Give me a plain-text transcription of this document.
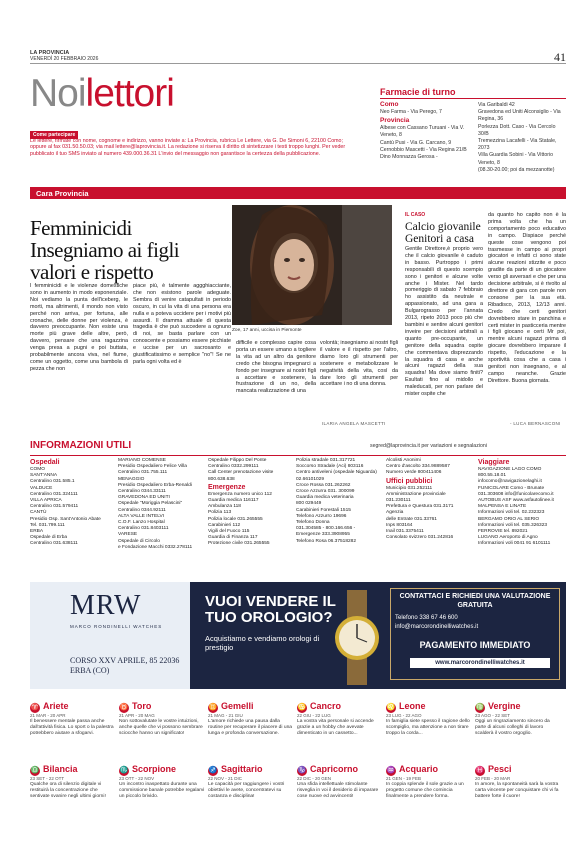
LA PROVINCIA
VENERDÌ 20 FEBBRAIO 2026	41
Noilettori
Come partecipare
Le lettere, firmate con nome, cognome e indirizzo, vanno inviate a: La Provincia, rubrica Le Lettere, via G. De Simoni 6, 22100 Como; oppure al fax 031.50.50.03; via mail lettere@laprovincia.it. La redazione si riserva il diritto di sintetizzare i testi troppo lunghi. Per veder pubblicato il tuo SMS inviato al numero 439.000.36.31 L'invio del messaggio non garantisce la certezza della pubblicazione.
Farmacie di turno
Como
Neo Farma - Via Perego, 7
Provincia
Albese con Cassano Turuani - Via V. Veneto, 8
Cantù Pusi - Via G. Carcano, 9
Cernobbio Mascetti - Via Regina 21/B
Dino Monnazza Gerosa -
Via Garibaldi 42
Gravedona ed Uniti Alconsiglio - Via Regina, 36
Porlezza Dott. Caso - Via Cercolo 30/B
Tremezzina Lacafelli - Via Statale, 2073
Villa Guardia Sobini - Via Vittorio Veneto, 8
(08.30-20.00; poi da mezzanotte)
Cara Provincia
Femminicidi Insegniamo ai figli valori e rispetto
Zoe, 17 anni, uccisa in Piemonte
I femminicidi e le violenze domestiche sono in aumento in modo esponenziale. Noi vediamo la punta dell'iceberg, le morti, ma altrimenti, il mondo non visto perché non arriva, per fortuna, alle cronache, delle donne per violenza, è davvero preoccupante. Non esiste una morte più grave delle altre, però, davvero, pensare che una ragazzina venga presa a pugni e poi buttata, probabilmente ancora viva, nel fiume, come un oggetto, come una bambola di pezza che non
piace più, è talmente aggghiacciante, che non esistono parole adeguate. Sembra di venire catapultati in periodo oscuro, in cui la vita di una persona era nulla e a poteva uccidere per i motivi più assurdi. Il dramma attuale di questa tragedia è che può succedere a ognuno di noi, se basta parlare con un conoscente e possiamo essere picchiate e uccise per un sacrosanto e giustificatissimo e semplice "no"! Se ne parla ogni volta ed è
difficile e complesso capire cosa porta un essere umano a togliere la vita ad un altro da genitore credo che bisogna impegnarci a fondo per insegnare ai nostri figli a accettare e sostenere, la frustrazione di un no, della mancata realizzazione di una
volontà; insegniamo ai nostri figli il valore e il rispetto per l'altro, diamo loro gli strumenti per sostenere e metabolizzare le negatività della vita, così da dare loro gli strumenti per accettare i no di una donna.
ILARIA ANGELA MASCETTI
IL CASO
Calcio giovanile Genitori a casa
Gentile Direttore,è proprio vero che il calcio giovanile è caduto in basso. Purtroppo i primi responsabili di questo scempio sono i genitori e alcune volte anche i Mister. Nel tardo pomeriggio di sabato 7 febbraio ho assistito da neutrale e appassionato, ad una gara a Bulgarograsso per l'annata 2013, ripeto 2013 poco più che bambini e sentire alcuni genitori inveire per decisioni arbitrali a quanto pre-occupante, un genitore della squadra ospite che commentava disprezzando la squadra di casa e anche alcuni ragazzi della sua squadra! Ma dove siamo finiti? Esultati fino al midollo e maleducati, per non parlare del mister ospite che
da quanto ho capito non è la prima volta che ha un comportamento poco educativo in campo. Dispiace perché queste cose vengono poi trasmesse in campo ai propri giocatori e infatti ci sono state alcune reazioni stizzite e poco gradite da parte di un giocatore verso gli avversari e che per una decisione arbitrale, si è rivolto al direttore di gara con parole non consone per la sua età. Ribadisco, 2013, 12/13 anni. Credo che certi genitori dovrebbero stare in panchina e certi mister in pasticceria mentre i figli giocano e certi Mr poi, mentre alcuni ragazzi prima di giocare dovrebbero imparare il rispetto, l'educazione e la sportività cosa che a casa i genitori non insegnano, e al campo neanche. Grazie Direttore. Buona giornata.
- LUCA BERNASCONI
INFORMAZIONI UTILI	segred@laprovincia.it per variazioni e segnalazioni
Ospedali
COMO
SANT'ANNA
Centralino 031.585.1
VALDUCE
Centralino 031.324111
VILLA APRICA
Centralino 031.579411
CANTÙ
Presidio Osp. Sant'Antonio Abate
Tel. 031.799.111
ERBA
Ospedale di Erba
Centralino 031.638111
MARIANO COMENSE
Presidio Ospedaliero Felice Villa
Centralino 031.755.111
MENAGGIO
Presidio Ospedaliero Erba-Renaldi
Centralino 0344.33111
GRAVEDONA ED UNITI
Ospedale "Moriggia Pelascini"
Centralino 0344.92111
ALTA VALLE INTELVI
C.O.F. Lanzo Hospital
Centralino 031.8403111
VARESE
Ospedale di Circolo
e Fondazione Macchi 0332.278111
Ospedale Filippo Del Ponte
Centralino 0332.299111
Call Center prenotazione visite
800.638.638
Emergenze
Emergenza numero unico 112
Guardia medica 116117
Ambulanza 118
Polizia 113
Polizia locale 031.265555
Carabinieri 112
Vigili del Fuoco 115
Guardia di Finanza 117
Protezione civile 031.265555
Polizia stradale 031.317721
Soccorso Stradale (Aci) 803116
Centro antiveleni (ospedale Niguarda) 02.66101029
Croce Rossa 031.262262
Croce Azzurra 031. 300099
Guardia medica veterinaria
800 029449
Carabinieri Forestali 1515
Telefono Azzurro 19696
Telefono Donna
031.304585 - 800.166.656 -
Emergenze 333.3908955
Telefono Rosa 06.37518282
Alcolisti Anonimi
Centro d'ascolto 334.9889587
Numero verde 800411406
Uffici pubblici
Municipio 031.252111
Amministrazione provinciale
031.230111
Prefettura e Questura 031.3171
Agenzia
delle Entrate 031.33761
Inps 803164
Inail 031.3375411
Consolato svizzero 031.242816
Viaggiare
NAVIGAZIONE LAGO COMO
800.55.18.01
infocomo@navigazionelaghi.it
FUNICOLARE Como - Brunate
031.303608 info@funicolarecomo.it
AUTOBUS ASF www.asfautolinee.it
MALPENSA E LINATE
Informazioni voli tel. 02.232323
BERGAMO ORIO AL SERIO
Informazioni voli tel. 035.326323
FERROVIE tel. 892021
LUGANO Aeroporto di Agno
Informazioni voli 0041 91 6101111
MRW
MARCO RONDINELLI WATCHES
CORSO XXV APRILE, 85 22036 ERBA (CO)
VUOI VENDERE IL TUO OROLOGIO?
Acquistiamo e vendiamo orologi di prestigio
CONTATTACI E RICHIEDI UNA VALUTAZIONE GRATUITA
Telefono 338 67 46 600
info@marcorondinelliwatches.it
PAGAMENTO IMMEDIATO
www.marcorondinelliwatches.it
♈ Ariete
21 MAR - 20 APR
Il benessere mentale passa anche dall'attività fisica. Lo sport o la palestra potrebbero aiutare a sfogarvi.
♉ Toro
21 APR - 20 MAG
Non sottovalutate le vostre intuizioni, anche quelle che vi possono sembrare sciocche hanno un significato!
♊ Gemelli
21 MAG - 21 GIU
L'amore richiede una pausa dalla routine per recuperare il piacere di una lunga e profonda conversazione.
♋ Cancro
22 GIU - 22 LUG
La vostra vita personale si accende grazie a un hobby che avevate dimenticato in un cassetto...
♌ Leone
23 LUG - 22 AGO
In famiglia siete spesso il ragione dello scompiglio, ma attenzione a non tirare troppo la corda...
♍ Vergine
23 AGO - 22 SET
Oggi un ringraziamento sincero da parte di alcuni colleghi di lavoro scalderà il vostro orgoglio.
♎ Bilancia
23 SET - 22 OTT
Qualche ora di silenzio digitale vi restituirà la concentrazione che sentivate svanire negli ultimi giorni!
♏ Scorpione
23 OTT - 22 NOV
Un incontro inaspettato durante una commissione banale potrebbe regalarvi un piccolo brivido.
♐ Sagittario
22 NOV - 21 DIC
Le capacità per raggiungere i vostri obiettivi le avete, concentratevi su costanza e disciplina!
♑ Capricorno
22 DIC - 20 GEN
Una sfida intellettuale stimolante risveglia in voi il desiderio di imparare cose nuove ed avvincenti!
♒ Acquario
21 GEN - 19 FEB
In coppia splende il sole grazie a un progetto comune che comincia finalmente a prendere forma.
♓ Pesci
20 FEB - 20 MAR
In amore, la spontaneità sarà la vostra carta vincente per conquistare chi vi fa battere forte il cuore!
